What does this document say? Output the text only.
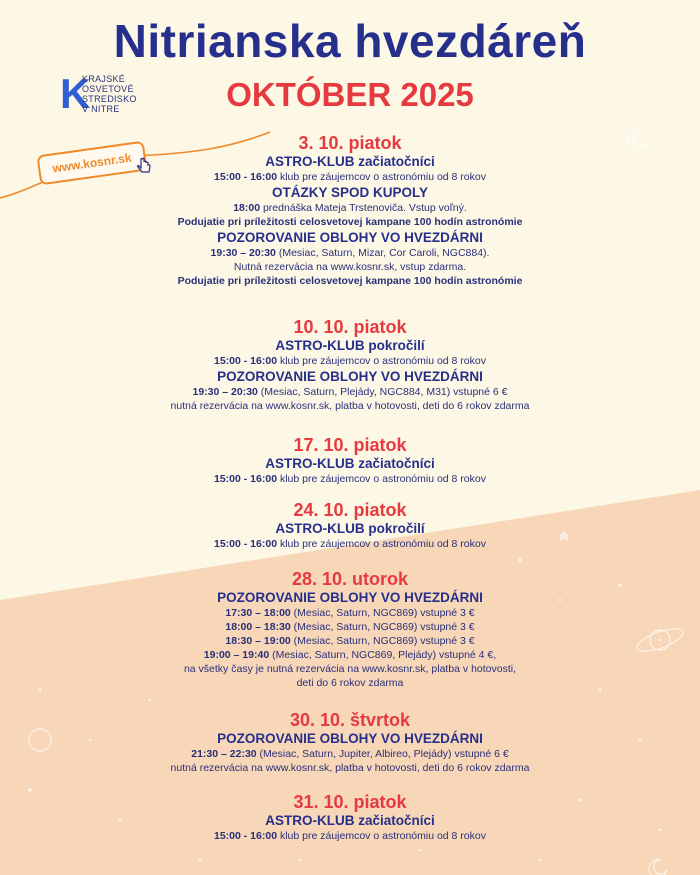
Nitrianska hvezdáreň
K
KRAJSKÉ
OSVETOVÉ
STREDISKO
V NITRE	OKTÓBER 2025
www.kosnr.sk
3. 10. piatok
ASTRO-KLUB začiatočníci
15:00 - 16:00 klub pre záujemcov o astronómiu od 8 rokov
OTÁZKY SPOD KUPOLY
18:00 prednáška Mateja Trstenoviča. Vstup voľný.
Podujatie pri príležitosti celosvetovej kampane 100 hodín astronómie
POZOROVANIE OBLOHY VO HVEZDÁRNI
19:30 – 20:30 (Mesiac, Saturn, Mizar, Cor Caroli, NGC884).
Nutná rezervácia na www.kosnr.sk, vstup zdarma.
Podujatie pri príležitosti celosvetovej kampane 100 hodín astronómie
10. 10. piatok
ASTRO-KLUB pokročilí
15:00 - 16:00 klub pre záujemcov o astronómiu od 8 rokov
POZOROVANIE OBLOHY VO HVEZDÁRNI
19:30 – 20:30 (Mesiac, Saturn, Plejády, NGC884, M31) vstupné 6 €
nutná rezervácia na www.kosnr.sk, platba v hotovosti, deti do 6 rokov zdarma
17. 10. piatok
ASTRO-KLUB začiatočníci
15:00 - 16:00 klub pre záujemcov o astronómiu od 8 rokov
24. 10. piatok
ASTRO-KLUB pokročilí
15:00 - 16:00 klub pre záujemcov o astronómiu od 8 rokov
28. 10. utorok
POZOROVANIE OBLOHY VO HVEZDÁRNI
17:30 – 18:00 (Mesiac, Saturn, NGC869) vstupné 3 €
18:00 – 18:30 (Mesiac, Saturn, NGC869) vstupné 3 €
18:30 – 19:00 (Mesiac, Saturn, NGC869) vstupné 3 €
19:00 – 19:40 (Mesiac, Saturn, NGC869, Plejády) vstupné 4 €,
na všetky časy je nutná rezervácia na www.kosnr.sk, platba v hotovosti,
deti do 6 rokov zdarma
30. 10. štvrtok
POZOROVANIE OBLOHY VO HVEZDÁRNI
21:30 – 22:30 (Mesiac, Saturn, Jupiter, Albireo, Plejády) vstupné 6 €
nutná rezervácia na www.kosnr.sk, platba v hotovosti, deti do 6 rokov zdarma
31. 10. piatok
ASTRO-KLUB začiatočníci
15:00 - 16:00 klub pre záujemcov o astronómiu od 8 rokov
